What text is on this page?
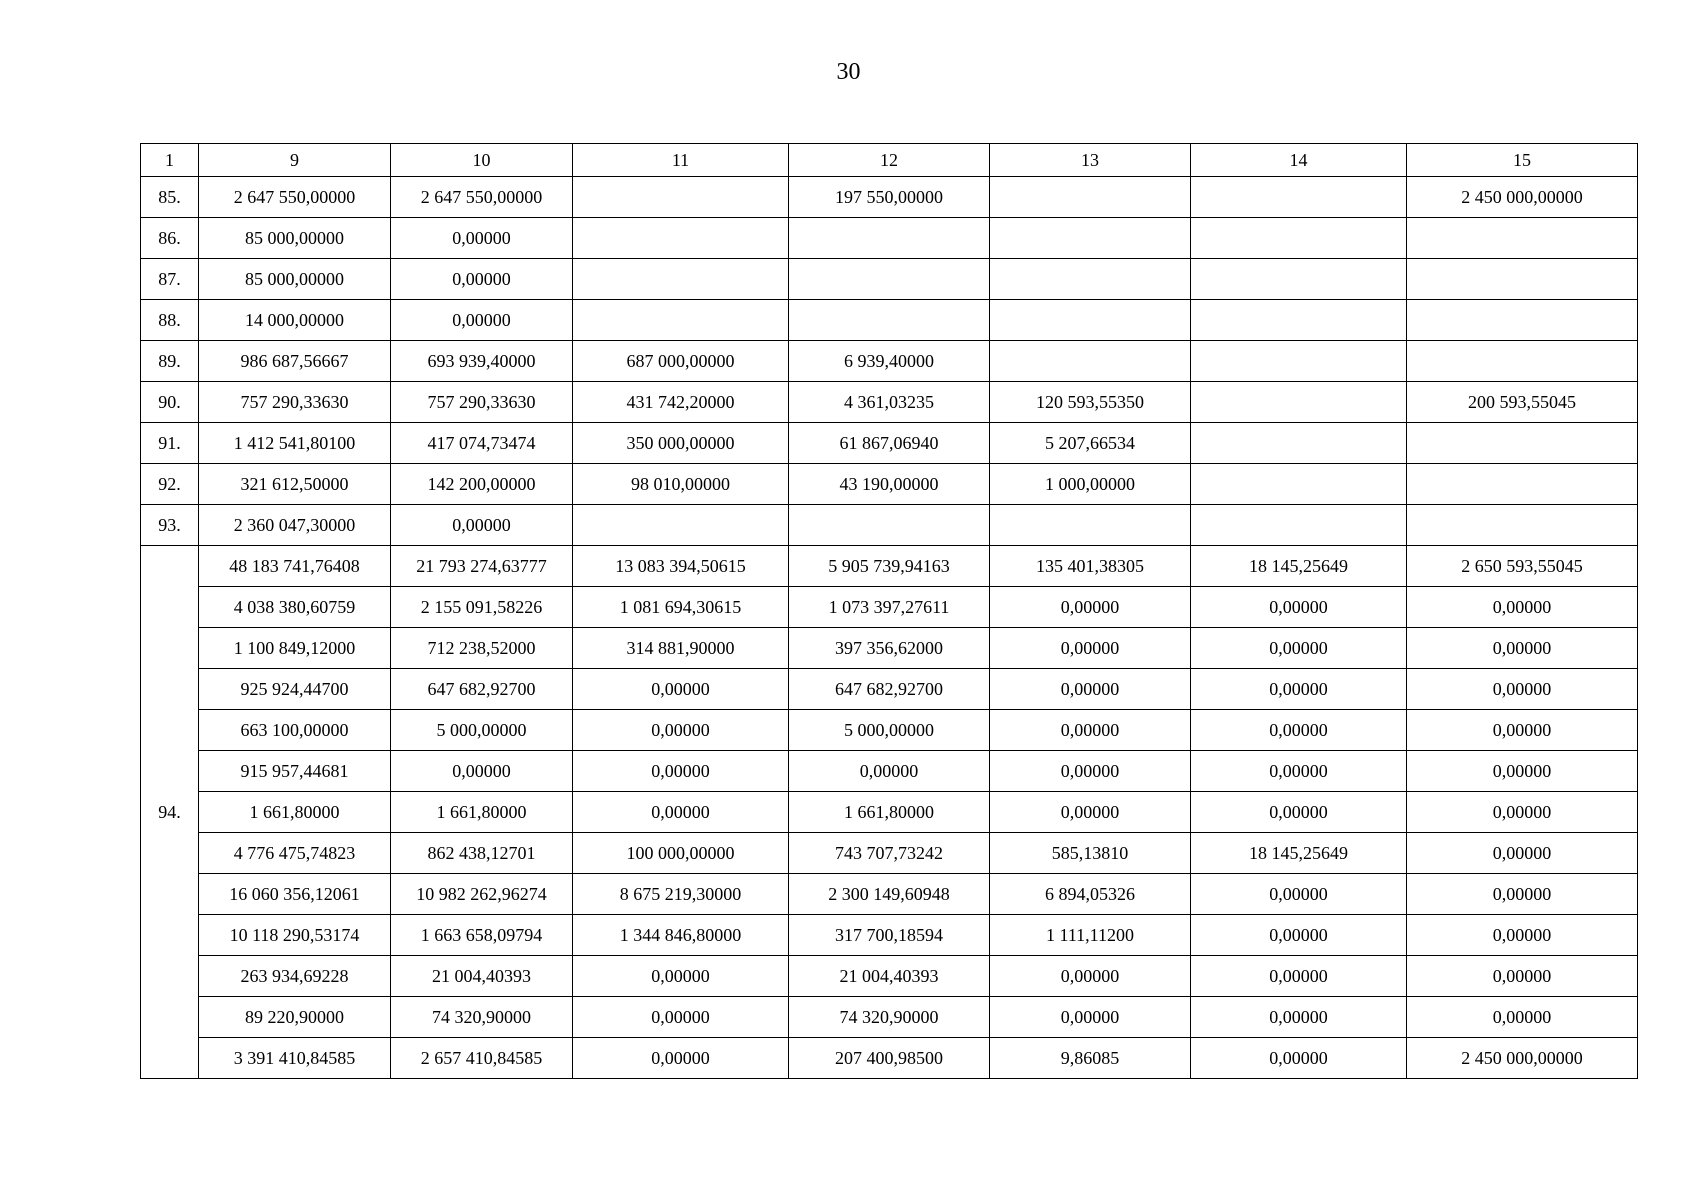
30
1	9	10	11	12	13	14	15
85.	2 647 550,00000	2 647 550,00000		197 550,00000			2 450 000,00000
86.	85 000,00000	0,00000					
87.	85 000,00000	0,00000					
88.	14 000,00000	0,00000					
89.	986 687,56667	693 939,40000	687 000,00000	6 939,40000			
90.	757 290,33630	757 290,33630	431 742,20000	4 361,03235	120 593,55350		200 593,55045
91.	1 412 541,80100	417 074,73474	350 000,00000	61 867,06940	5 207,66534		
92.	321 612,50000	142 200,00000	98 010,00000	43 190,00000	1 000,00000		
93.	2 360 047,30000	0,00000					
94.	48 183 741,76408	21 793 274,63777	13 083 394,50615	5 905 739,94163	135 401,38305	18 145,25649	2 650 593,55045
	4 038 380,60759	2 155 091,58226	1 081 694,30615	1 073 397,27611	0,00000	0,00000	0,00000
	1 100 849,12000	712 238,52000	314 881,90000	397 356,62000	0,00000	0,00000	0,00000
	925 924,44700	647 682,92700	0,00000	647 682,92700	0,00000	0,00000	0,00000
	663 100,00000	5 000,00000	0,00000	5 000,00000	0,00000	0,00000	0,00000
	915 957,44681	0,00000	0,00000	0,00000	0,00000	0,00000	0,00000
	1 661,80000	1 661,80000	0,00000	1 661,80000	0,00000	0,00000	0,00000
	4 776 475,74823	862 438,12701	100 000,00000	743 707,73242	585,13810	18 145,25649	0,00000
	16 060 356,12061	10 982 262,96274	8 675 219,30000	2 300 149,60948	6 894,05326	0,00000	0,00000
	10 118 290,53174	1 663 658,09794	1 344 846,80000	317 700,18594	1 111,11200	0,00000	0,00000
	263 934,69228	21 004,40393	0,00000	21 004,40393	0,00000	0,00000	0,00000
	89 220,90000	74 320,90000	0,00000	74 320,90000	0,00000	0,00000	0,00000
	3 391 410,84585	2 657 410,84585	0,00000	207 400,98500	9,86085	0,00000	2 450 000,00000
